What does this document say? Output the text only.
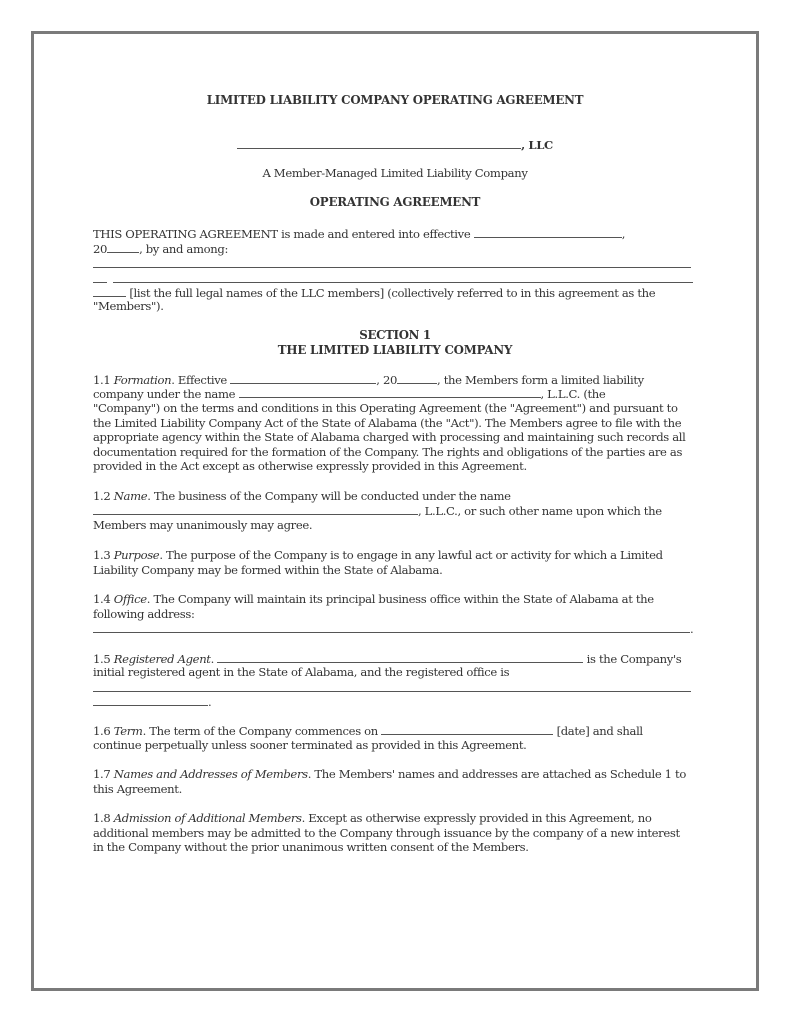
LIMITED LIABILITY COMPANY OPERATING AGREEMENT
, LLC
A Member-Managed Limited Liability Company
OPERATING AGREEMENT
THIS OPERATING AGREEMENT is made and entered into effective	,
20	, by and among:
[list the full legal names of the LLC members] (collectively referred to in this agreement as the
"Members").
SECTION 1
THE LIMITED LIABILITY COMPANY
1.1 Formation. Effective	, 20	, the Members form a limited liability
company under the name	, L.L.C. (the
"Company") on the terms and conditions in this Operating Agreement (the "Agreement") and pursuant to
the Limited Liability Company Act of the State of Alabama (the "Act"). The Members agree to file with the
appropriate agency within the State of Alabama charged with processing and maintaining such records all
documentation required for the formation of the Company. The rights and obligations of the parties are as
provided in the Act except as otherwise expressly provided in this Agreement.
1.2 Name. The business of the Company will be conducted under the name
, L.L.C., or such other name upon which the
Members may unanimously may agree.
1.3 Purpose. The purpose of the Company is to engage in any lawful act or activity for which a Limited
Liability Company may be formed within the State of Alabama.
1.4 Office. The Company will maintain its principal business office within the State of Alabama at the
following address:
.
1.5 Registered Agent.	is the Company's
initial registered agent in the State of Alabama, and the registered office is
.
1.6 Term. The term of the Company commences on	[date] and shall
continue perpetually unless sooner terminated as provided in this Agreement.
1.7 Names and Addresses of Members. The Members' names and addresses are attached as Schedule 1 to
this Agreement.
1.8 Admission of Additional Members. Except as otherwise expressly provided in this Agreement, no
additional members may be admitted to the Company through issuance by the company of a new interest
in the Company without the prior unanimous written consent of the Members.
